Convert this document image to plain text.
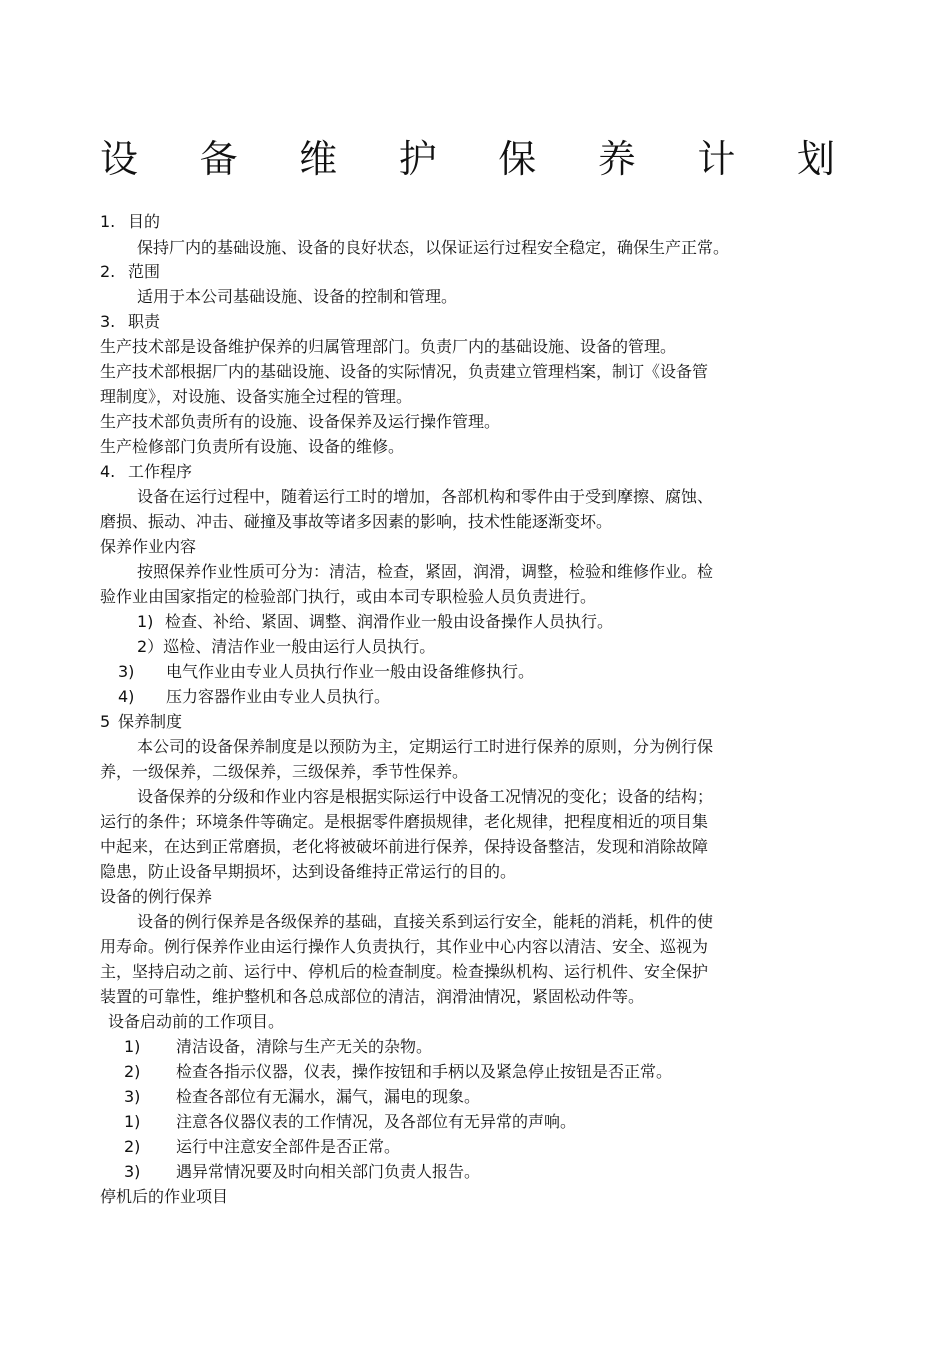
设 备 维 护 保 养 计 划
1. 目的
保持厂内的基础设施、设备的良好状态，以保证运行过程安全稳定，确保生产正常。
2. 范围
适用于本公司基础设施、设备的控制和管理。
3. 职责
生产技术部是设备维护保养的归属管理部门。负责厂内的基础设施、设备的管理。
生产技术部根据厂内的基础设施、设备的实际情况，负责建立管理档案，制订《设备管
理制度》，对设施、设备实施全过程的管理。
生产技术部负责所有的设施、设备保养及运行操作管理。
生产检修部门负责所有设施、设备的维修。
4. 工作程序
设备在运行过程中，随着运行工时的增加，各部机构和零件由于受到摩擦、腐蚀、
磨损、振动、冲击、碰撞及事故等诸多因素的影响，技术性能逐渐变坏。
保养作业内容
按照保养作业性质可分为：清洁，检查，紧固，润滑，调整，检验和维修作业。检
验作业由国家指定的检验部门执行，或由本司专职检验人员负责进行。
1) 检查、补给、紧固、调整、润滑作业一般由设备操作人员执行。
2）巡检、清洁作业一般由运行人员执行。
3) 电气作业由专业人员执行作业一般由设备维修执行。
4) 压力容器作业由专业人员执行。
5 保养制度
本公司的设备保养制度是以预防为主，定期运行工时进行保养的原则，分为例行保
养，一级保养，二级保养，三级保养，季节性保养。
设备保养的分级和作业内容是根据实际运行中设备工况情况的变化；设备的结构；
运行的条件；环境条件等确定。是根据零件磨损规律，老化规律，把程度相近的项目集
中起来，在达到正常磨损，老化将被破坏前进行保养，保持设备整洁，发现和消除故障
隐患，防止设备早期损坏，达到设备维持正常运行的目的。
设备的例行保养
设备的例行保养是各级保养的基础，直接关系到运行安全，能耗的消耗，机件的使
用寿命。例行保养作业由运行操作人负责执行，其作业中心内容以清洁、安全、巡视为
主，坚持启动之前、运行中、停机后的检查制度。检查操纵机构、运行机件、安全保护
装置的可靠性，维护整机和各总成部位的清洁，润滑油情况，紧固松动件等。
设备启动前的工作项目。
1) 清洁设备，清除与生产无关的杂物。
2) 检查各指示仪器，仪表，操作按钮和手柄以及紧急停止按钮是否正常。
3) 检查各部位有无漏水，漏气，漏电的现象。
1) 注意各仪器仪表的工作情况，及各部位有无异常的声响。
2) 运行中注意安全部件是否正常。
3) 遇异常情况要及时向相关部门负责人报告。
停机后的作业项目
